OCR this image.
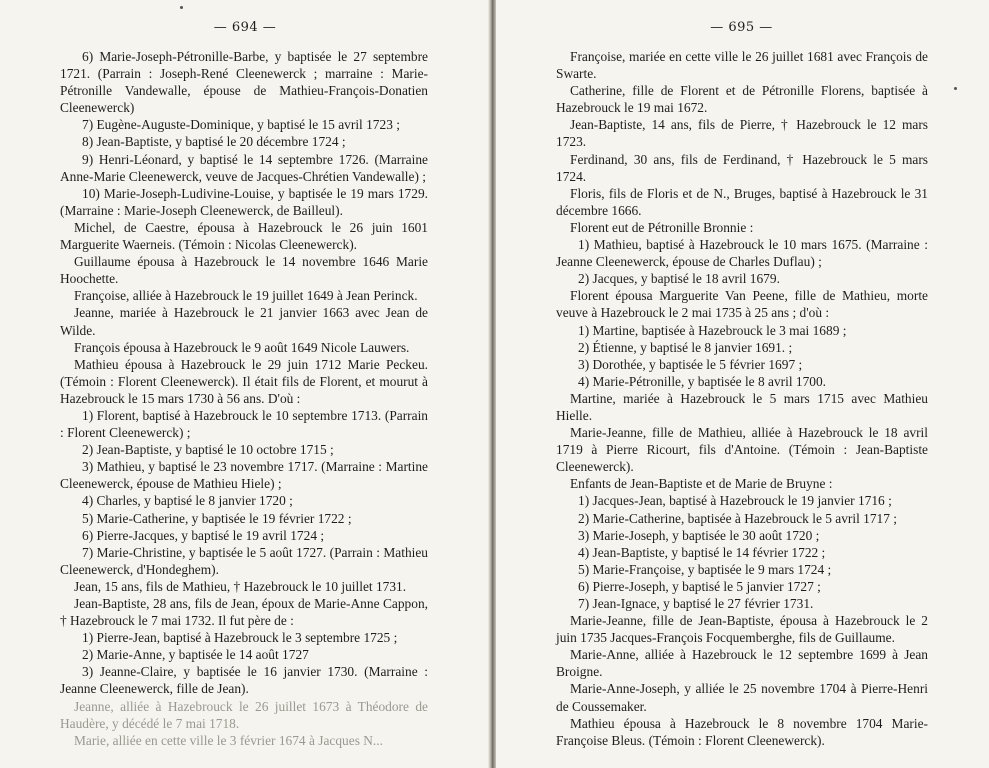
— 694 —

6) Marie-Joseph-Pétronille-Barbe, y baptisée le 27 septembre 1721. (Parrain : Joseph-René Cleenewerck ; marraine : Marie-Pétronille Vandewalle, épouse de Mathieu-François-Donatien Cleenewerck)

7) Eugène-Auguste-Dominique, y baptisé le 15 avril 1723 ;

8) Jean-Baptiste, y baptisé le 20 décembre 1724 ;

9) Henri-Léonard, y baptisé le 14 septembre 1726. (Marraine Anne-Marie Cleenewerck, veuve de Jacques-Chrétien Vandewalle) ;

10) Marie-Joseph-Ludivine-Louise, y baptisée le 19 mars 1729. (Marraine : Marie-Joseph Cleenewerck, de Bailleul).

Michel, de Caestre, épousa à Hazebrouck le 26 juin 1601 Marguerite Waerneis. (Témoin : Nicolas Cleenewerck).

Guillaume épousa à Hazebrouck le 14 novembre 1646 Marie Hoochette.

Françoise, alliée à Hazebrouck le 19 juillet 1649 à Jean Perinck.

Jeanne, mariée à Hazebrouck le 21 janvier 1663 avec Jean de Wilde.

François épousa à Hazebrouck le 9 août 1649 Nicole Lauwers.

Mathieu épousa à Hazebrouck le 29 juin 1712 Marie Peckeu. (Témoin : Florent Cleenewerck). Il était fils de Florent, et mourut à Hazebrouck le 15 mars 1730 à 56 ans. D'où :

1) Florent, baptisé à Hazebrouck le 10 septembre 1713. (Parrain : Florent Cleenewerck) ;

2) Jean-Baptiste, y baptisé le 10 octobre 1715 ;

3) Mathieu, y baptisé le 23 novembre 1717. (Marraine : Martine Cleenewerck, épouse de Mathieu Hiele) ;

4) Charles, y baptisé le 8 janvier 1720 ;

5) Marie-Catherine, y baptisée le 19 février 1722 ;

6) Pierre-Jacques, y baptisé le 19 avril 1724 ;

7) Marie-Christine, y baptisée le 5 août 1727. (Parrain : Mathieu Cleenewerck, d'Hondeghem).

Jean, 15 ans, fils de Mathieu, † Hazebrouck le 10 juillet 1731.

Jean-Baptiste, 28 ans, fils de Jean, époux de Marie-Anne Cappon, † Hazebrouck le 7 mai 1732. Il fut père de :

1) Pierre-Jean, baptisé à Hazebrouck le 3 septembre 1725 ;

2) Marie-Anne, y baptisée le 14 août 1727

3) Jeanne-Claire, y baptisée le 16 janvier 1730. (Marraine : Jeanne Cleenewerck, fille de Jean).

Jeanne, alliée à Hazebrouck le 26 juillet 1673 à Théodore de Haudère, y décédé le 7 mai 1718.

Marie, alliée en cette ville le 3 février 1674 à Jacques N...

— 695 —

Françoise, mariée en cette ville le 26 juillet 1681 avec François de Swarte.

Catherine, fille de Florent et de Pétronille Florens, baptisée à Hazebrouck le 19 mai 1672.

Jean-Baptiste, 14 ans, fils de Pierre, † Hazebrouck le 12 mars 1723.

Ferdinand, 30 ans, fils de Ferdinand, † Hazebrouck le 5 mars 1724.

Floris, fils de Floris et de N., Bruges, baptisé à Hazebrouck le 31 décembre 1666.

Florent eut de Pétronille Bronnie :

1) Mathieu, baptisé à Hazebrouck le 10 mars 1675. (Marraine : Jeanne Cleenewerck, épouse de Charles Duflau) ;

2) Jacques, y baptisé le 18 avril 1679.

Florent épousa Marguerite Van Peene, fille de Mathieu, morte veuve à Hazebrouck le 2 mai 1735 à 25 ans ; d'où :

1) Martine, baptisée à Hazebrouck le 3 mai 1689 ;

2) Étienne, y baptisé le 8 janvier 1691. ;

3) Dorothée, y baptisée le 5 février 1697 ;

4) Marie-Pétronille, y baptisée le 8 avril 1700.

Martine, mariée à Hazebrouck le 5 mars 1715 avec Mathieu Hielle.

Marie-Jeanne, fille de Mathieu, alliée à Hazebrouck le 18 avril 1719 à Pierre Ricourt, fils d'Antoine. (Témoin : Jean-Baptiste Cleenewerck).

Enfants de Jean-Baptiste et de Marie de Bruyne :

1) Jacques-Jean, baptisé à Hazebrouck le 19 janvier 1716 ;

2) Marie-Catherine, baptisée à Hazebrouck le 5 avril 1717 ;

3) Marie-Joseph, y baptisée le 30 août 1720 ;

4) Jean-Baptiste, y baptisé le 14 février 1722 ;

5) Marie-Françoise, y baptisée le 9 mars 1724 ;

6) Pierre-Joseph, y baptisé le 5 janvier 1727 ;

7) Jean-Ignace, y baptisé le 27 février 1731.

Marie-Jeanne, fille de Jean-Baptiste, épousa à Hazebrouck le 2 juin 1735 Jacques-François Focquemberghe, fils de Guillaume.

Marie-Anne, alliée à Hazebrouck le 12 septembre 1699 à Jean Broigne.

Marie-Anne-Joseph, y alliée le 25 novembre 1704 à Pierre-Henri de Coussemaker.

Mathieu épousa à Hazebrouck le 8 novembre 1704 Marie-Françoise Bleus. (Témoin : Florent Cleenewerck).
